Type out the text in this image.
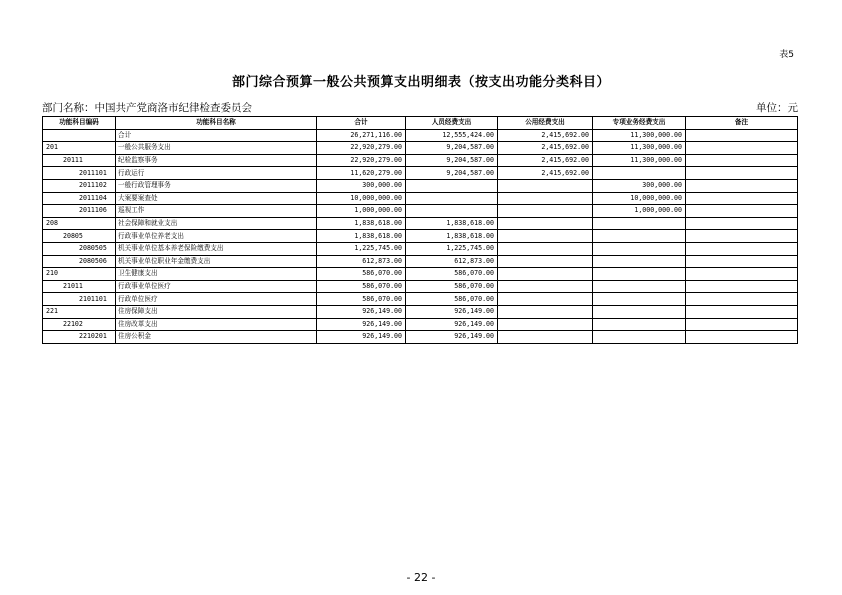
表5
部门综合预算一般公共预算支出明细表（按支出功能分类科目）
部门名称：中国共产党商洛市纪律检查委员会	单位：元
功能科目编码	功能科目名称	合计	人员经费支出	公用经费支出	专项业务经费支出	备注
	合计	26,271,116.00	12,555,424.00	2,415,692.00	11,300,000.00	
201	一般公共服务支出	22,920,279.00	9,204,587.00	2,415,692.00	11,300,000.00	
20111	纪检监察事务	22,920,279.00	9,204,587.00	2,415,692.00	11,300,000.00	
2011101	行政运行	11,620,279.00	9,204,587.00	2,415,692.00		
2011102	一般行政管理事务	300,000.00			300,000.00	
2011104	大案要案查处	10,000,000.00			10,000,000.00	
2011106	巡视工作	1,000,000.00			1,000,000.00	
208	社会保障和就业支出	1,838,618.00	1,838,618.00			
20805	行政事业单位养老支出	1,838,618.00	1,838,618.00			
2080505	机关事业单位基本养老保险缴费支出	1,225,745.00	1,225,745.00			
2080506	机关事业单位职业年金缴费支出	612,873.00	612,873.00			
210	卫生健康支出	586,070.00	586,070.00			
21011	行政事业单位医疗	586,070.00	586,070.00			
2101101	行政单位医疗	586,070.00	586,070.00			
221	住房保障支出	926,149.00	926,149.00			
22102	住房改革支出	926,149.00	926,149.00			
2210201	住房公积金	926,149.00	926,149.00			
- 22 -
